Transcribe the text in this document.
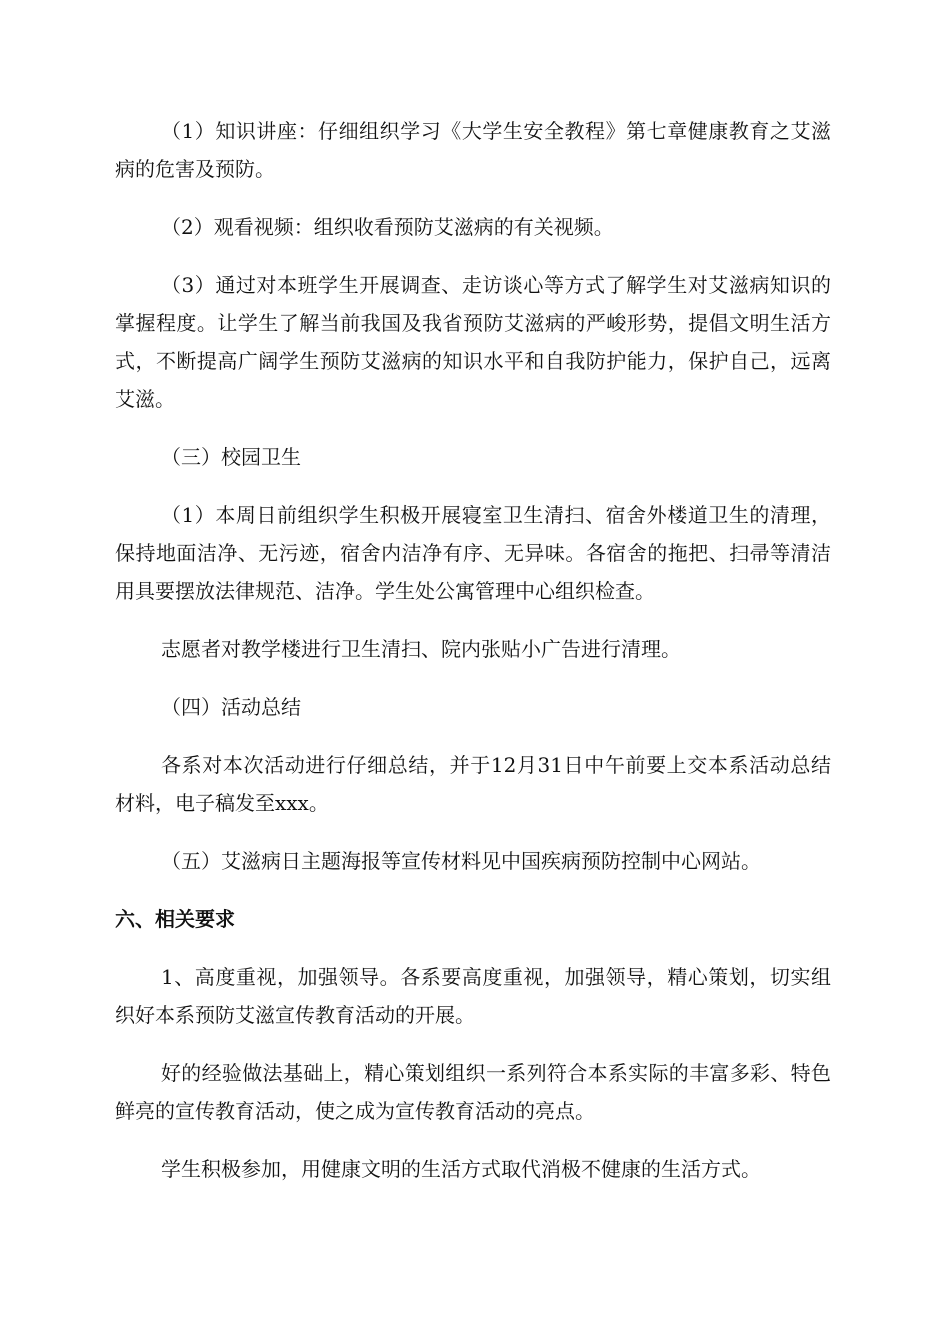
（1）知识讲座：仔细组织学习《大学生安全教程》第七章健康教育之艾滋病的危害及预防。

（2）观看视频：组织收看预防艾滋病的有关视频。

（3）通过对本班学生开展调查、走访谈心等方式了解学生对艾滋病知识的掌握程度。让学生了解当前我国及我省预防艾滋病的严峻形势，提倡文明生活方式，不断提高广阔学生预防艾滋病的知识水平和自我防护能力，保护自己，远离艾滋。

（三）校园卫生

（1）本周日前组织学生积极开展寝室卫生清扫、宿舍外楼道卫生的清理，保持地面洁净、无污迹，宿舍内洁净有序、无异味。各宿舍的拖把、扫帚等清洁用具要摆放法律规范、洁净。学生处公寓管理中心组织检查。

志愿者对教学楼进行卫生清扫、院内张贴小广告进行清理。

（四）活动总结

各系对本次活动进行仔细总结，并于12月31日中午前要上交本系活动总结材料，电子稿发至xxx。

（五）艾滋病日主题海报等宣传材料见中国疾病预防控制中心网站。

六、相关要求

1、高度重视，加强领导。各系要高度重视，加强领导，精心策划，切实组织好本系预防艾滋宣传教育活动的开展。

好的经验做法基础上，精心策划组织一系列符合本系实际的丰富多彩、特色鲜亮的宣传教育活动，使之成为宣传教育活动的亮点。

学生积极参加，用健康文明的生活方式取代消极不健康的生活方式。
